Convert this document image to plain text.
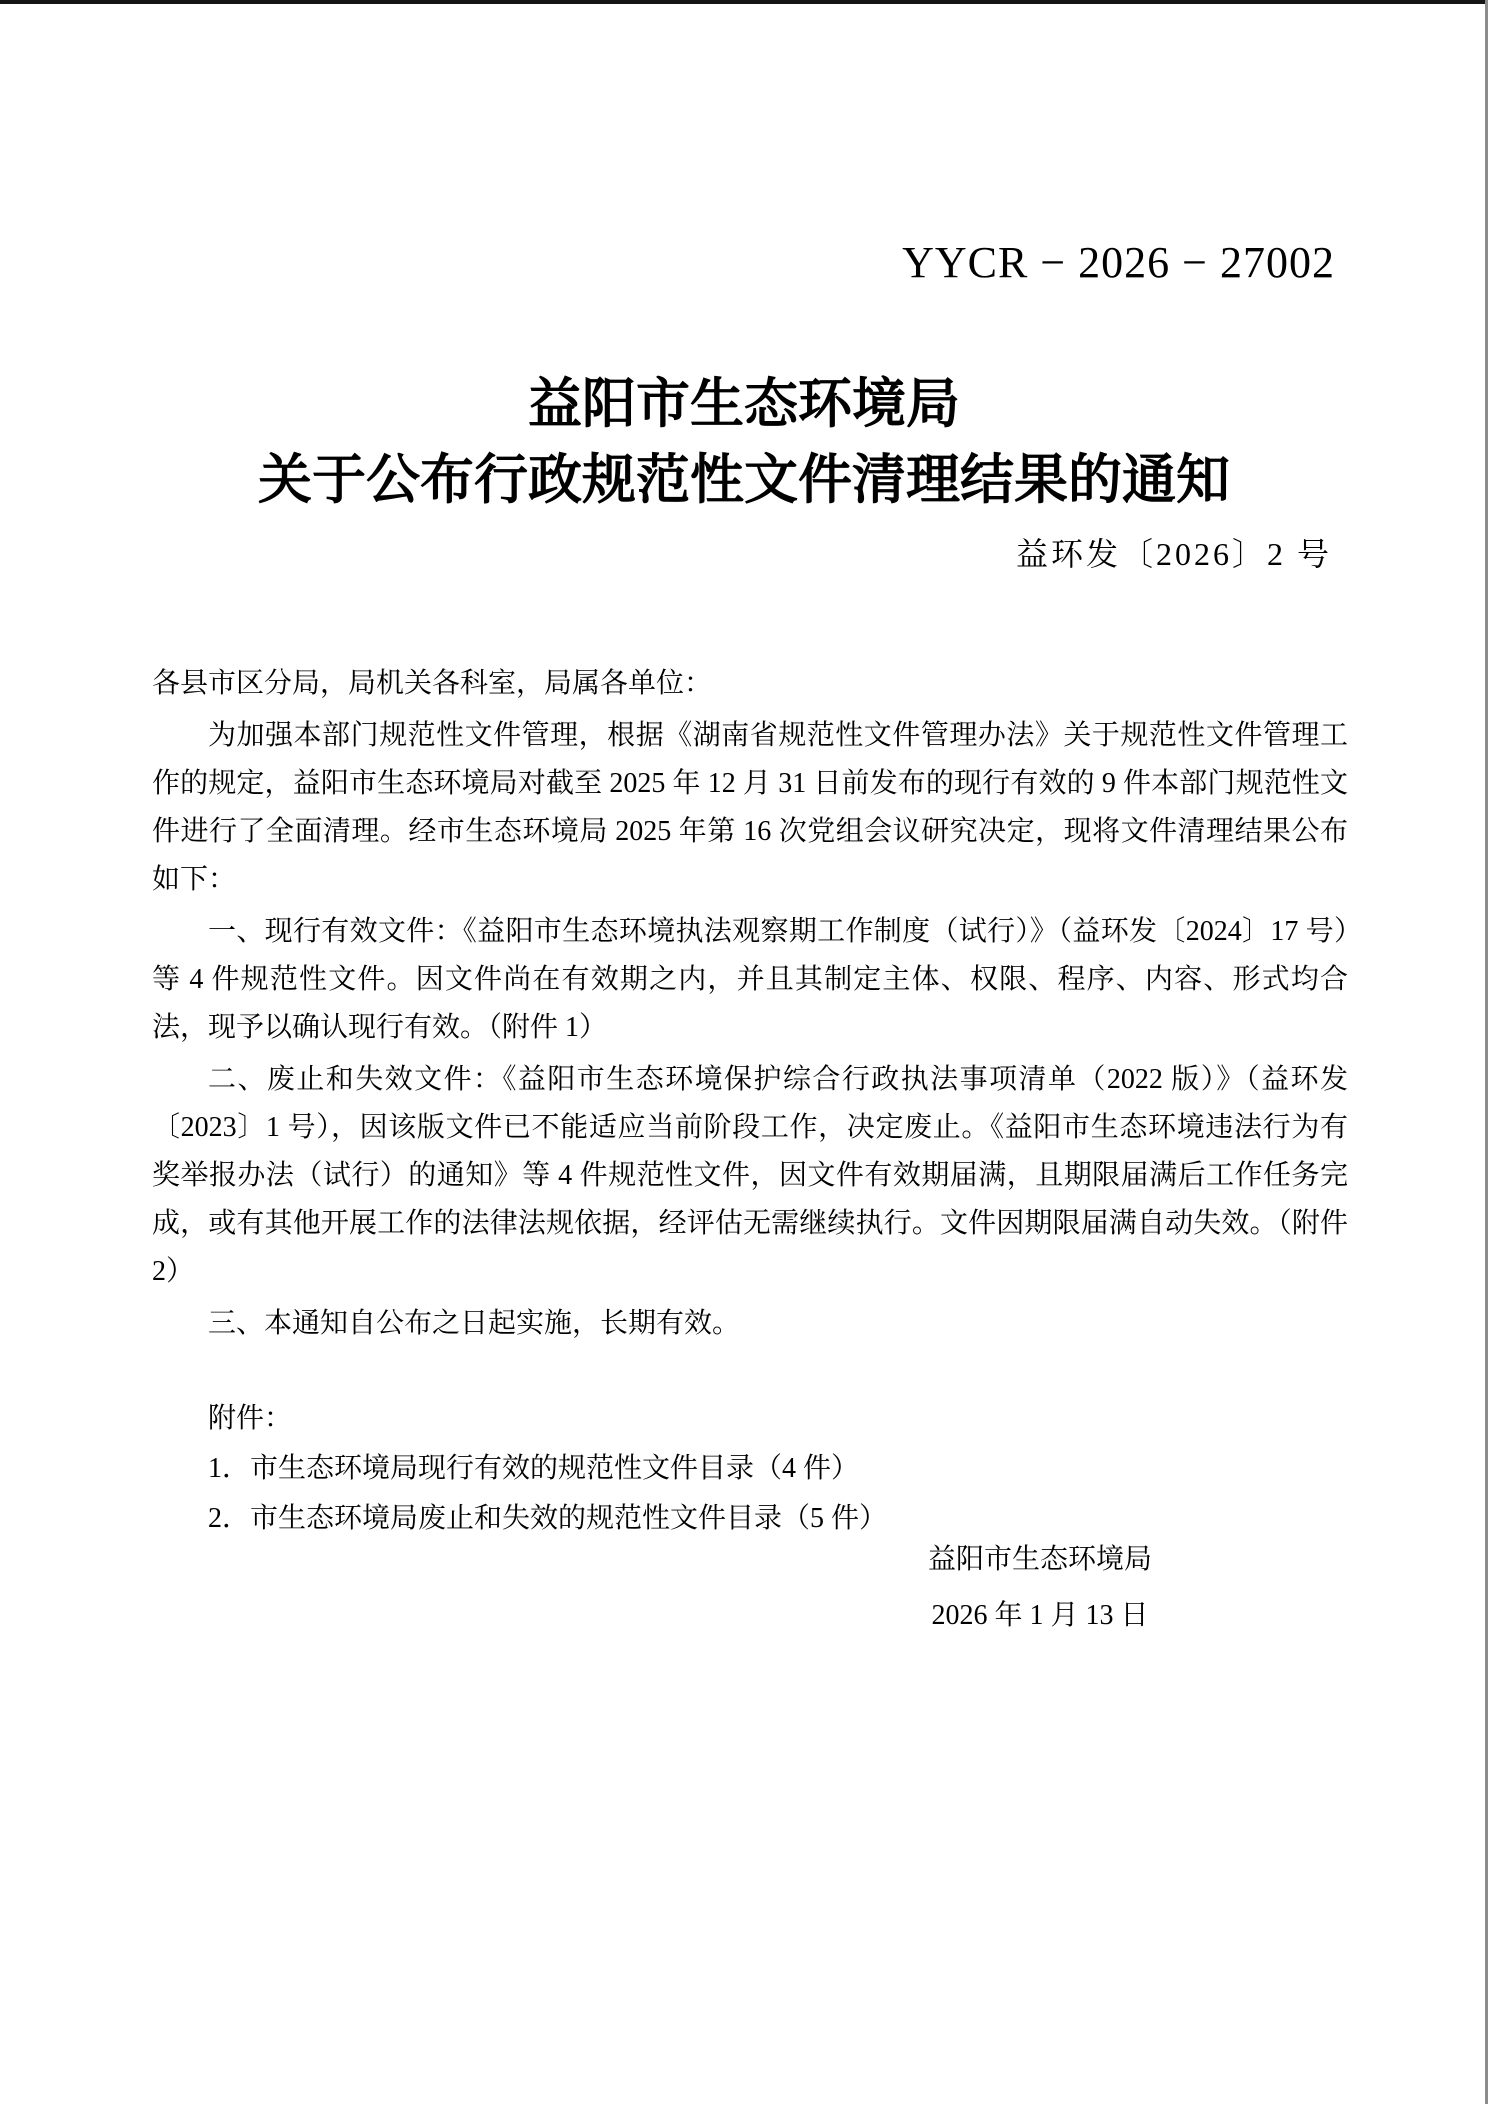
YYCR − 2026 − 27002
益阳市生态环境局
关于公布行政规范性文件清理结果的通知
益环发〔2026〕2 号

各县市区分局，局机关各科室，局属各单位：

为加强本部门规范性文件管理，根据《湖南省规范性文件管理办法》关于规范性文件管理工作的规定，益阳市生态环境局对截至 2025 年 12 月 31 日前发布的现行有效的 9 件本部门规范性文件进行了全面清理。经市生态环境局 2025 年第 16 次党组会议研究决定，现将文件清理结果公布如下：

一、现行有效文件：《益阳市生态环境执法观察期工作制度（试行）》（益环发〔2024〕17 号）等 4 件规范性文件。因文件尚在有效期之内，并且其制定主体、权限、程序、内容、形式均合法，现予以确认现行有效。（附件 1）

二、废止和失效文件：《益阳市生态环境保护综合行政执法事项清单（2022 版）》（益环发〔2023〕1 号），因该版文件已不能适应当前阶段工作，决定废止。《益阳市生态环境违法行为有奖举报办法（试行）的通知》等 4 件规范性文件，因文件有效期届满，且期限届满后工作任务完成，或有其他开展工作的法律法规依据，经评估无需继续执行。文件因期限届满自动失效。（附件 2）

三、本通知自公布之日起实施，长期有效。

附件：
1．市生态环境局现行有效的规范性文件目录（4 件）
2．市生态环境局废止和失效的规范性文件目录（5 件）
益阳市生态环境局
2026 年 1 月 13 日
